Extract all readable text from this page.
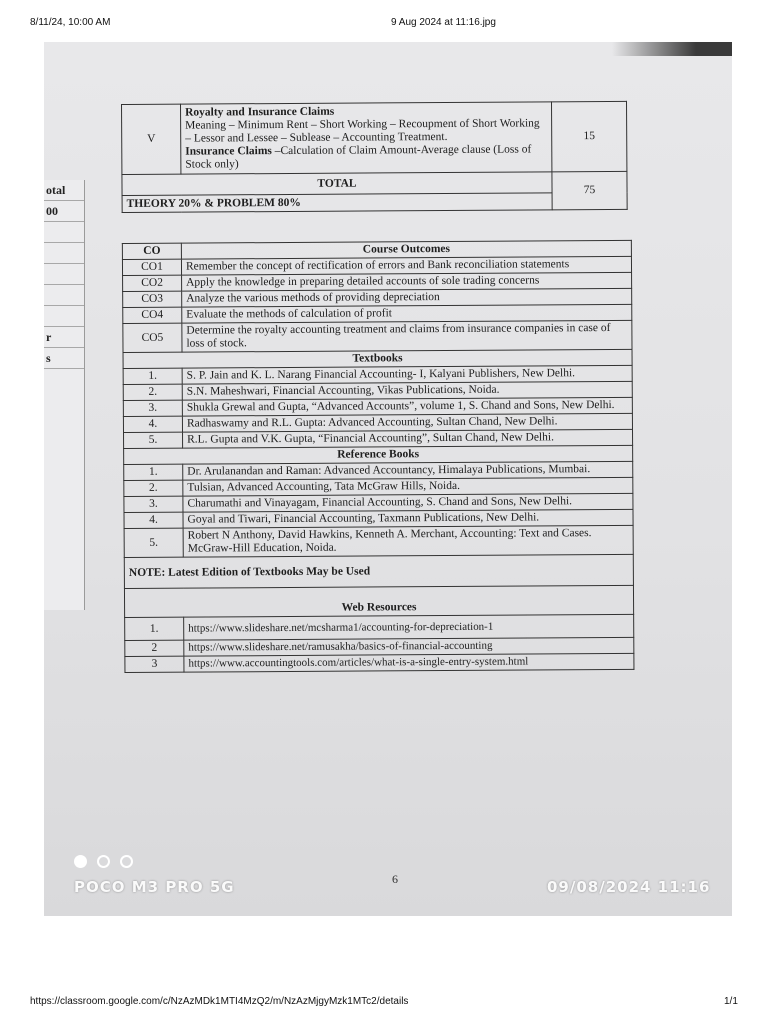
8/11/24, 10:00 AM	9 Aug 2024 at 11:16.jpg
otal
00
r
s
V	Royalty and Insurance Claims
Meaning – Minimum Rent – Short Working – Recoupment of Short Working – Lessor and Lessee – Sublease – Accounting Treatment.
Insurance Claims –Calculation of Claim Amount-Average clause (Loss of Stock only)	15
TOTAL		75
THEORY 20% & PROBLEM 80%		
CO	Course Outcomes
CO1	Remember the concept of rectification of errors and Bank reconciliation statements
CO2	Apply the knowledge in preparing detailed accounts of sole trading concerns
CO3	Analyze the various methods of providing depreciation
CO4	Evaluate the methods of calculation of profit
CO5	Determine the royalty accounting treatment and claims from insurance companies in case of loss of stock.
Textbooks	
1.	S. P. Jain and K. L. Narang Financial Accounting- I, Kalyani Publishers, New Delhi.
2.	S.N. Maheshwari, Financial Accounting, Vikas Publications, Noida.
3.	Shukla Grewal and Gupta, “Advanced Accounts”, volume 1, S. Chand and Sons, New Delhi.
4.	Radhaswamy and R.L. Gupta: Advanced Accounting, Sultan Chand, New Delhi.
5.	R.L. Gupta and V.K. Gupta, “Financial Accounting”, Sultan Chand, New Delhi.
Reference Books	
1.	Dr. Arulanandan and Raman: Advanced Accountancy, Himalaya Publications, Mumbai.
2.	Tulsian, Advanced Accounting, Tata McGraw Hills, Noida.
3.	Charumathi and Vinayagam, Financial Accounting, S. Chand and Sons, New Delhi.
4.	Goyal and Tiwari, Financial Accounting, Taxmann Publications, New Delhi.
5.	Robert N Anthony, David Hawkins, Kenneth A. Merchant, Accounting: Text and Cases. McGraw-Hill Education, Noida.
NOTE: Latest Edition of Textbooks May be Used	
Web Resources	
1.	https://www.slideshare.net/mcsharma1/accounting-for-depreciation-1
2	https://www.slideshare.net/ramusakha/basics-of-financial-accounting
3	https://www.accountingtools.com/articles/what-is-a-single-entry-system.html
6
POCO M3 PRO 5G	09/08/2024 11:16
https://classroom.google.com/c/NzAzMDk1MTI4MzQ2/m/NzAzMjgyMzk1MTc2/details	1/1
